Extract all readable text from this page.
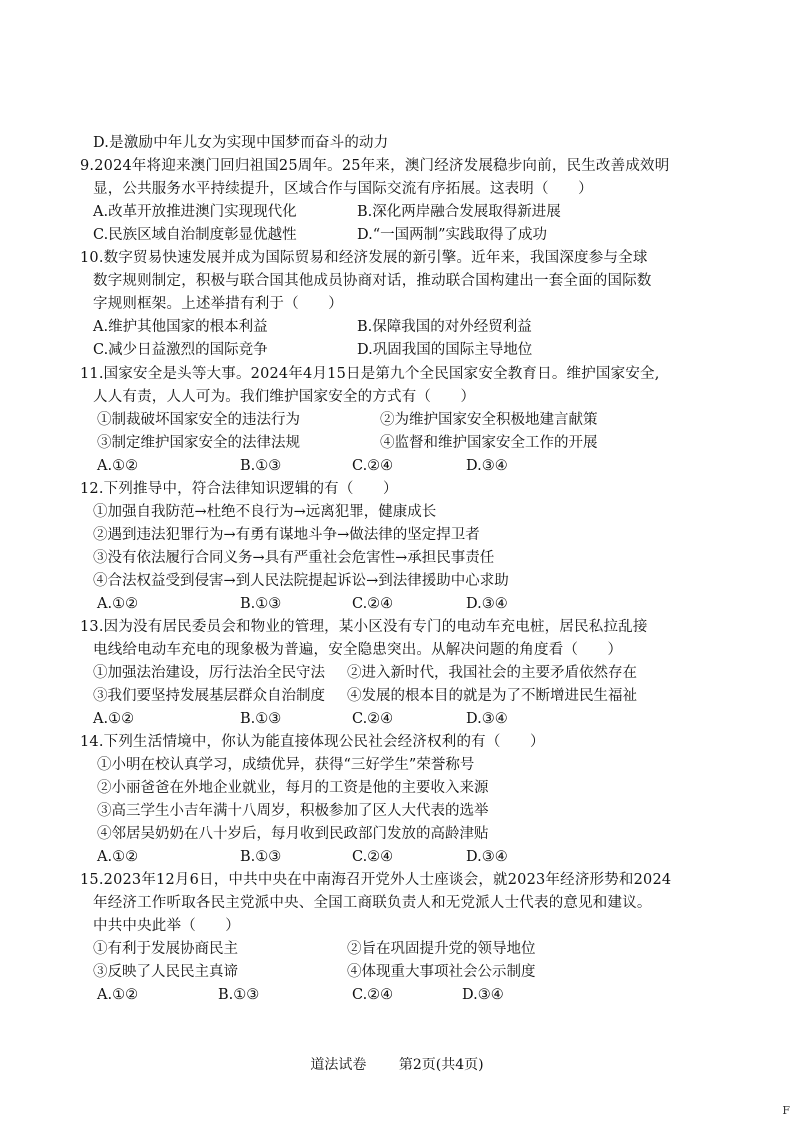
D.是激励中年儿女为实现中国梦而奋斗的动力
9.2024年将迎来澳门回归祖国25周年。25年来，澳门经济发展稳步向前，民生改善成效明
显，公共服务水平持续提升，区域合作与国际交流有序拓展。这表明（　　）
A.改革开放推进澳门实现现代化	B.深化两岸融合发展取得新进展
C.民族区域自治制度彰显优越性	D.“一国两制”实践取得了成功
10.数字贸易快速发展并成为国际贸易和经济发展的新引擎。近年来，我国深度参与全球
数字规则制定，积极与联合国其他成员协商对话，推动联合国构建出一套全面的国际数
字规则框架。上述举措有利于（　　）
A.维护其他国家的根本利益	B.保障我国的对外经贸利益
C.减少日益激烈的国际竞争	D.巩固我国的国际主导地位
11.国家安全是头等大事。2024年4月15日是第九个全民国家安全教育日。维护国家安全,
人人有责，人人可为。我们维护国家安全的方式有（　　）
①制裁破坏国家安全的违法行为	②为维护国家安全积极地建言献策
③制定维护国家安全的法律法规	④监督和维护国家安全工作的开展
A.①②	B.①③	C.②④	D.③④
12.下列推导中，符合法律知识逻辑的有（　　）
①加强自我防范→杜绝不良行为→远离犯罪，健康成长
②遇到违法犯罪行为→有勇有谋地斗争→做法律的坚定捍卫者
③没有依法履行合同义务→具有严重社会危害性→承担民事责任
④合法权益受到侵害→到人民法院提起诉讼→到法律援助中心求助
A.①②	B.①③	C.②④	D.③④
13.因为没有居民委员会和物业的管理，某小区没有专门的电动车充电桩，居民私拉乱接
电线给电动车充电的现象极为普遍，安全隐患突出。从解决问题的角度看（　　）
①加强法治建设，厉行法治全民守法 ②进入新时代，我国社会的主要矛盾依然存在
③我们要坚持发展基层群众自治制度 ④发展的根本目的就是为了不断增进民生福祉
A.①②	B.①③	C.②④	D.③④
14.下列生活情境中，你认为能直接体现公民社会经济权利的有（　　）
①小明在校认真学习，成绩优异，获得“三好学生”荣誉称号
②小丽爸爸在外地企业就业，每月的工资是他的主要收入来源
③高三学生小吉年满十八周岁，积极参加了区人大代表的选举
④邻居吴奶奶在八十岁后，每月收到民政部门发放的高龄津贴
A.①②	B.①③	C.②④	D.③④
15.2023年12月6日，中共中央在中南海召开党外人士座谈会，就2023年经济形势和2024
年经济工作听取各民主党派中央、全国工商联负责人和无党派人士代表的意见和建议。
中共中央此举（　　）
①有利于发展协商民主	②旨在巩固提升党的领导地位
③反映了人民民主真谛	④体现重大事项社会公示制度
A.①②	B.①③	C.②④	D.③④
道法试卷 第2页(共4页)
F
